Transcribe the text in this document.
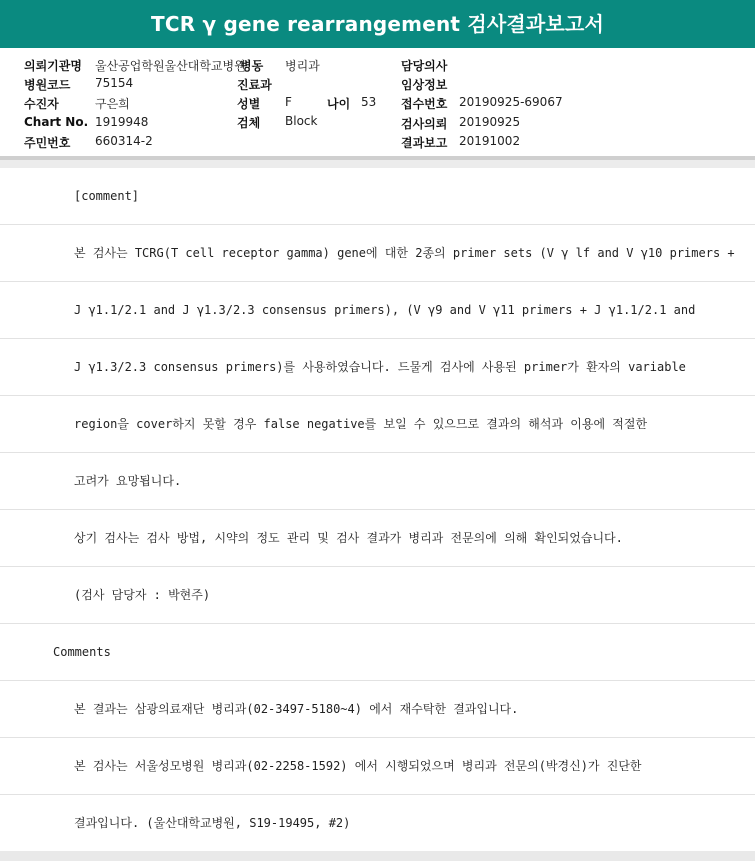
TCR γ gene rearrangement 검사결과보고서
의뢰기관명 울산공업학원울산대학교병원
병동 병리과	담당의사
병원코드 75154	진료과	임상정보
수진자	구은희	성별 F	나이 53 접수번호 20190925-69067
Chart No. 1919948	검체 Block	검사의뢰 20190925
주민번호 660314-2	결과보고 20191002
[comment]
본 검사는 TCRG(T cell receptor gamma) gene에 대한 2종의 primer sets (V γ lf and V γ10 primers +
J γ1.1/2.1 and J γ1.3/2.3 consensus primers), (V γ9 and V γ11 primers + J γ1.1/2.1 and
J γ1.3/2.3 consensus primers)를 사용하였습니다. 드물게 검사에 사용된 primer가 환자의 variable
region을 cover하지 못할 경우 false negative를 보일 수 있으므로 결과의 해석과 이용에 적절한
고려가 요망됩니다.
상기 검사는 검사 방법, 시약의 정도 관리 및 검사 결과가 병리과 전문의에 의해 확인되었습니다.
(검사 담당자 : 박현주)
Comments
본 결과는 삼광의료재단 병리과(02-3497-5180~4) 에서 재수탁한 결과입니다.
본 검사는 서울성모병원 병리과(02-2258-1592) 에서 시행되었으며 병리과 전문의(박경신)가 진단한
결과입니다. (울산대학교병원, S19-19495, #2)
